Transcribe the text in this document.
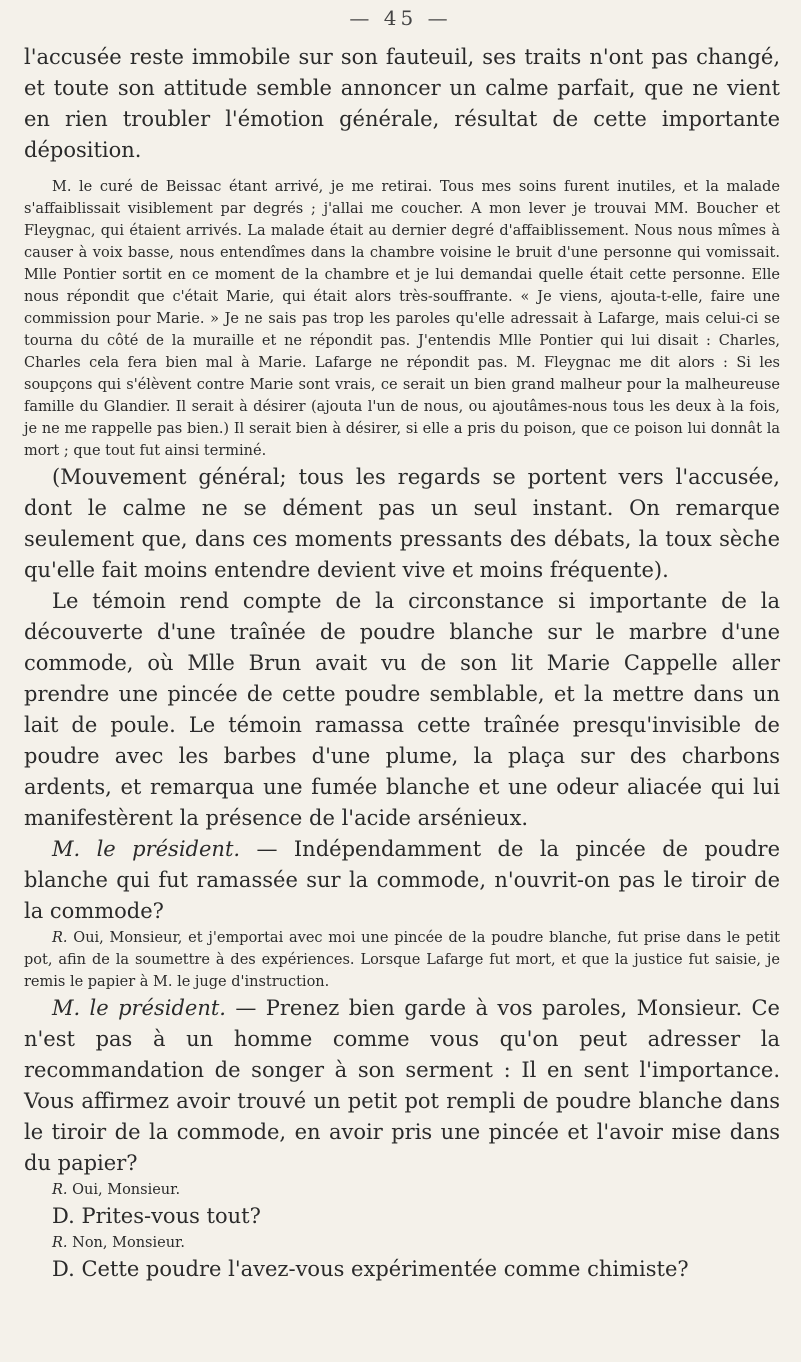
— 45 —

l'accusée reste immobile sur son fauteuil, ses traits n'ont pas changé, et toute son attitude semble annoncer un calme parfait, que ne vient en rien troubler l'émotion générale, résultat de cette importante déposition.

M. le curé de Beissac étant arrivé, je me retirai. Tous mes soins furent inutiles, et la malade s'affaiblissait visiblement par degrés ; j'allai me coucher. A mon lever je trouvai MM. Boucher et Fleygnac, qui étaient arrivés. La malade était au dernier degré d'affaiblissement. Nous nous mîmes à causer à voix basse, nous entendîmes dans la chambre voisine le bruit d'une personne qui vomissait. Mlle Pontier sortit en ce moment de la chambre et je lui demandai quelle était cette personne. Elle nous répondit que c'était Marie, qui était alors très-souffrante. « Je viens, ajouta-t-elle, faire une commission pour Marie. » Je ne sais pas trop les paroles qu'elle adressait à Lafarge, mais celui-ci se tourna du côté de la muraille et ne répondit pas. J'entendis Mlle Pontier qui lui disait : Charles, Charles cela fera bien mal à Marie. Lafarge ne répondit pas. M. Fleygnac me dit alors : Si les soupçons qui s'élèvent contre Marie sont vrais, ce serait un bien grand malheur pour la malheureuse famille du Glandier. Il serait à désirer (ajouta l'un de nous, ou ajoutâmes-nous tous les deux à la fois, je ne me rappelle pas bien.) Il serait bien à désirer, si elle a pris du poison, que ce poison lui donnât la mort ; que tout fut ainsi terminé.

(Mouvement général; tous les regards se portent vers l'accusée, dont le calme ne se dément pas un seul instant. On remarque seulement que, dans ces moments pressants des débats, la toux sèche qu'elle fait moins entendre devient vive et moins fréquente).

Le témoin rend compte de la circonstance si importante de la découverte d'une traînée de poudre blanche sur le marbre d'une commode, où Mlle Brun avait vu de son lit Marie Cappelle aller prendre une pincée de cette poudre semblable, et la mettre dans un lait de poule. Le témoin ramassa cette traînée presqu'invisible de poudre avec les barbes d'une plume, la plaça sur des charbons ardents, et remarqua une fumée blanche et une odeur aliacée qui lui manifestèrent la présence de l'acide arsénieux.

M. le président. — Indépendamment de la pincée de poudre blanche qui fut ramassée sur la commode, n'ouvrit-on pas le tiroir de la commode?

R. Oui, Monsieur, et j'emportai avec moi une pincée de la poudre blanche, fut prise dans le petit pot, afin de la soumettre à des expériences. Lorsque Lafarge fut mort, et que la justice fut saisie, je remis le papier à M. le juge d'instruction.

M. le président. — Prenez bien garde à vos paroles, Monsieur. Ce n'est pas à un homme comme vous qu'on peut adresser la recommandation de songer à son serment : Il en sent l'importance. Vous affirmez avoir trouvé un petit pot rempli de poudre blanche dans le tiroir de la commode, en avoir pris une pincée et l'avoir mise dans du papier?

R. Oui, Monsieur.

D. Prites-vous tout?

R. Non, Monsieur.

D. Cette poudre l'avez-vous expérimentée comme chimiste?
